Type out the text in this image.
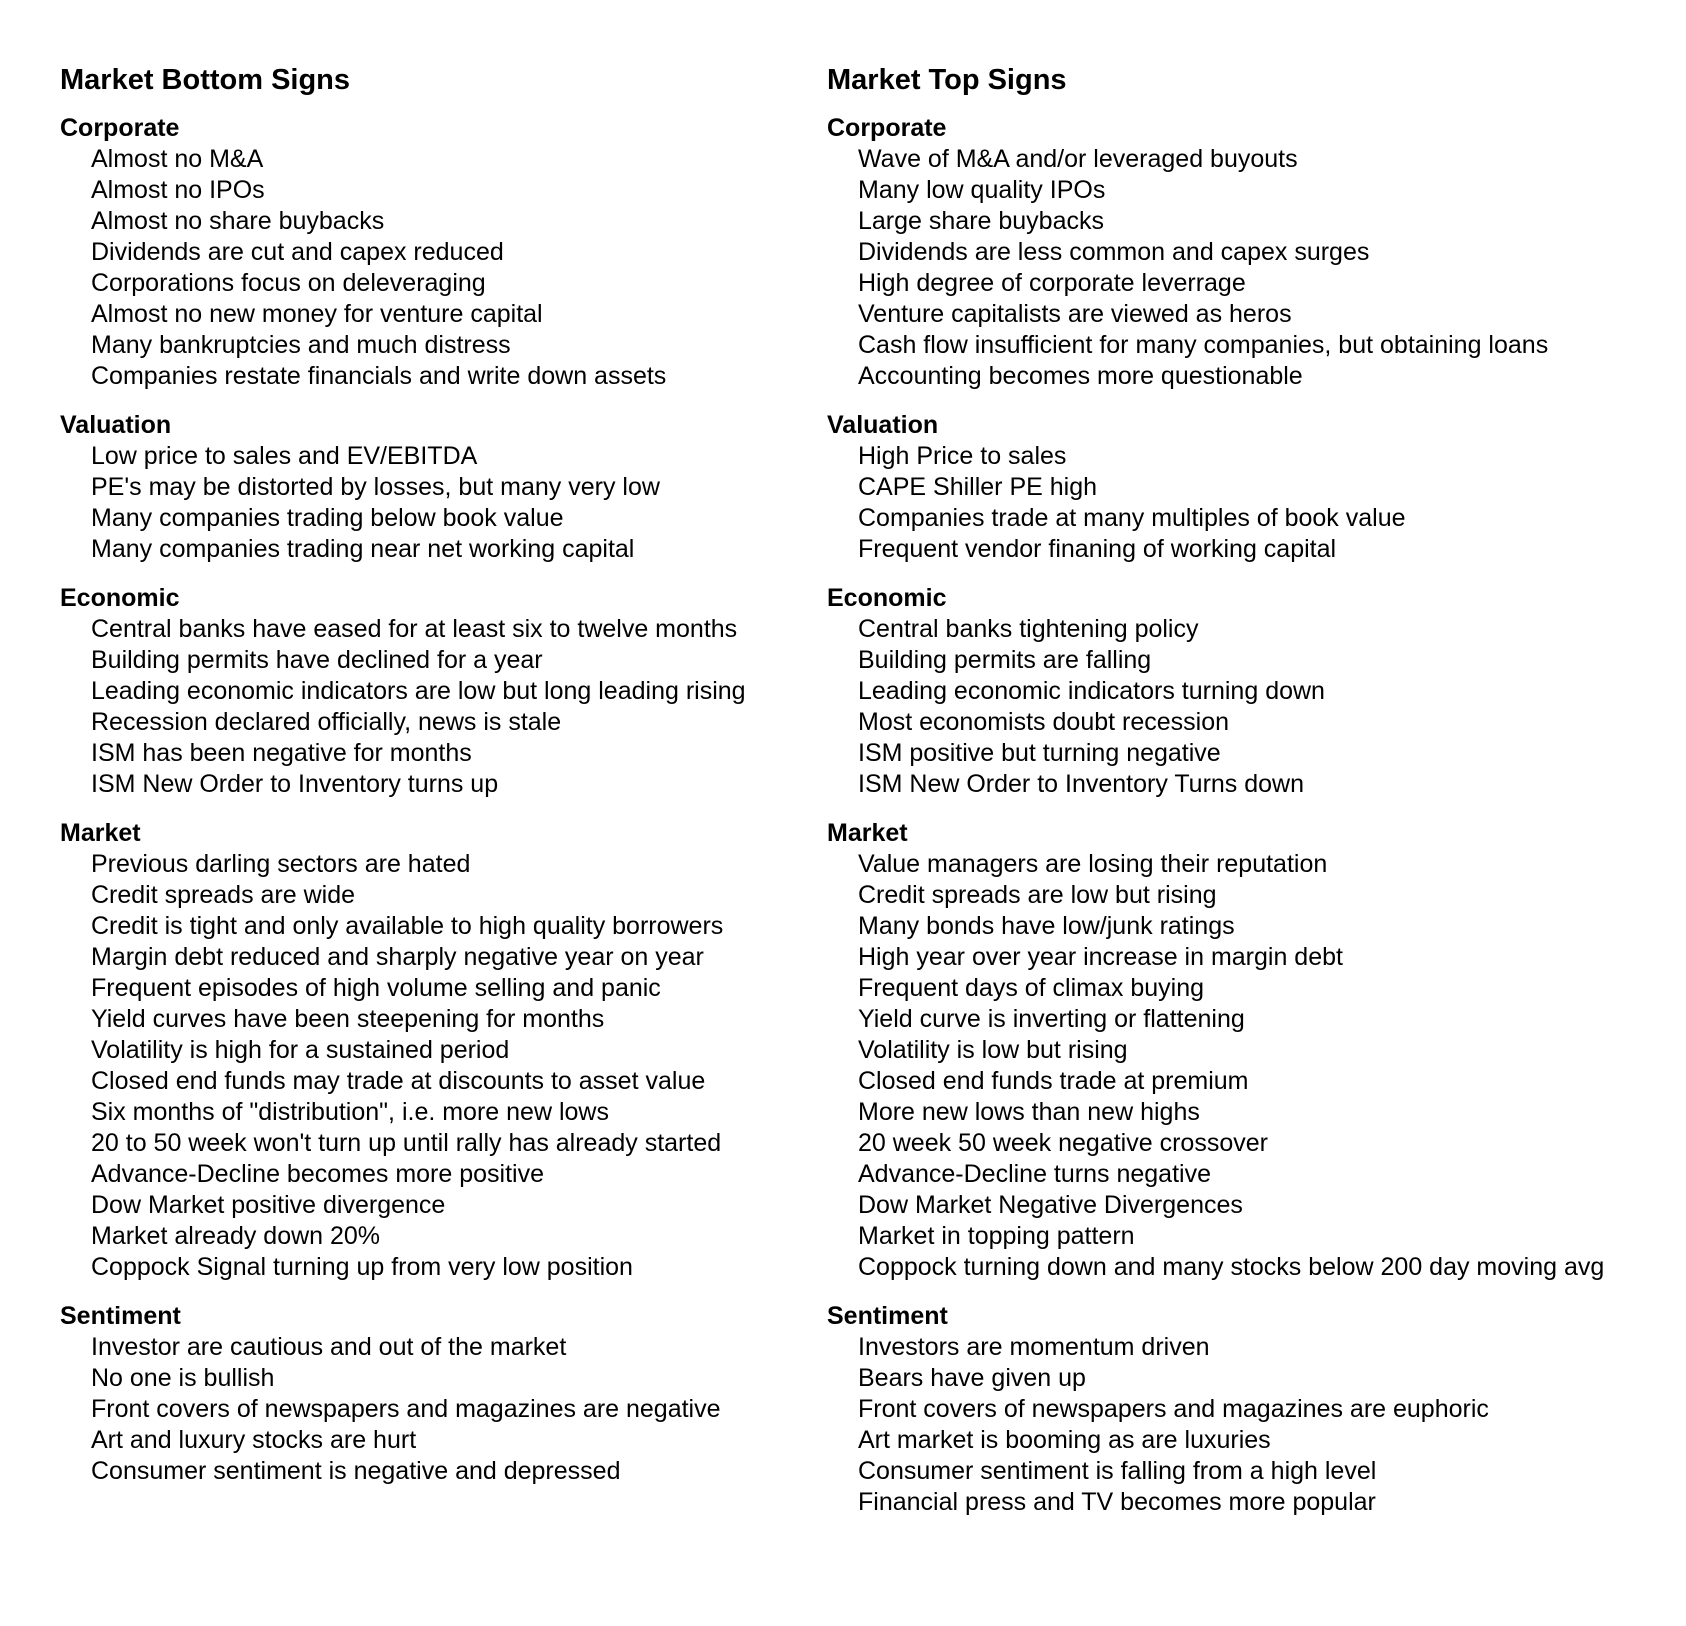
Market Bottom Signs
Corporate
Almost no M&A
Almost no IPOs
Almost no share buybacks
Dividends are cut and capex reduced
Corporations focus on deleveraging
Almost no new money for venture capital
Many bankruptcies and much distress
Companies restate financials and write down assets
Valuation
Low price to sales and EV/EBITDA
PE's may be distorted by losses, but many very low
Many companies trading below book value
Many companies trading near net working capital
Economic
Central banks have eased for at least six to twelve months
Building permits have declined for a year
Leading economic indicators are low but long leading rising
Recession declared officially, news is stale
ISM has been negative for months
ISM New Order to Inventory turns up
Market
Previous darling sectors are hated
Credit spreads are wide
Credit is tight and only available to high quality borrowers
Margin debt reduced and sharply negative year on year
Frequent episodes of high volume selling and panic
Yield curves have been steepening for months
Volatility is high for a sustained period
Closed end funds may trade at discounts to asset value
Six months of "distribution", i.e. more new lows
20 to 50 week won't turn up until rally has already started
Advance-Decline becomes more positive
Dow Market positive divergence
Market already down 20%
Coppock Signal turning up from very low position
Sentiment
Investor are cautious and out of the market
No one is bullish
Front covers of newspapers and magazines are negative
Art and luxury stocks are hurt
Consumer sentiment is negative and depressed
Market Top Signs
Corporate
Wave of M&A and/or leveraged buyouts
Many low quality IPOs
Large share buybacks
Dividends are less common and capex surges
High degree of corporate leverrage
Venture capitalists are viewed as heros
Cash flow insufficient for many companies, but obtaining loans
Accounting becomes more questionable
Valuation
High Price to sales
CAPE Shiller PE high
Companies trade at many multiples of book value
Frequent vendor finaning of working capital
Economic
Central banks tightening policy
Building permits are falling
Leading economic indicators turning down
Most economists doubt recession
ISM positive but turning negative
ISM New Order to Inventory Turns down
Market
Value managers are losing their reputation
Credit spreads are low but rising
Many bonds have low/junk ratings
High year over year increase in margin debt
Frequent days of climax buying
Yield curve is inverting or flattening
Volatility is low but rising
Closed end funds trade at premium
More new lows than new highs
20 week 50 week negative crossover
Advance-Decline turns negative
Dow Market Negative Divergences
Market in topping pattern
Coppock turning down and many stocks below 200 day moving avg
Sentiment
Investors are momentum driven
Bears have given up
Front covers of newspapers and magazines are euphoric
Art market is booming as are luxuries
Consumer sentiment is falling from a high level
Financial press and TV becomes more popular
